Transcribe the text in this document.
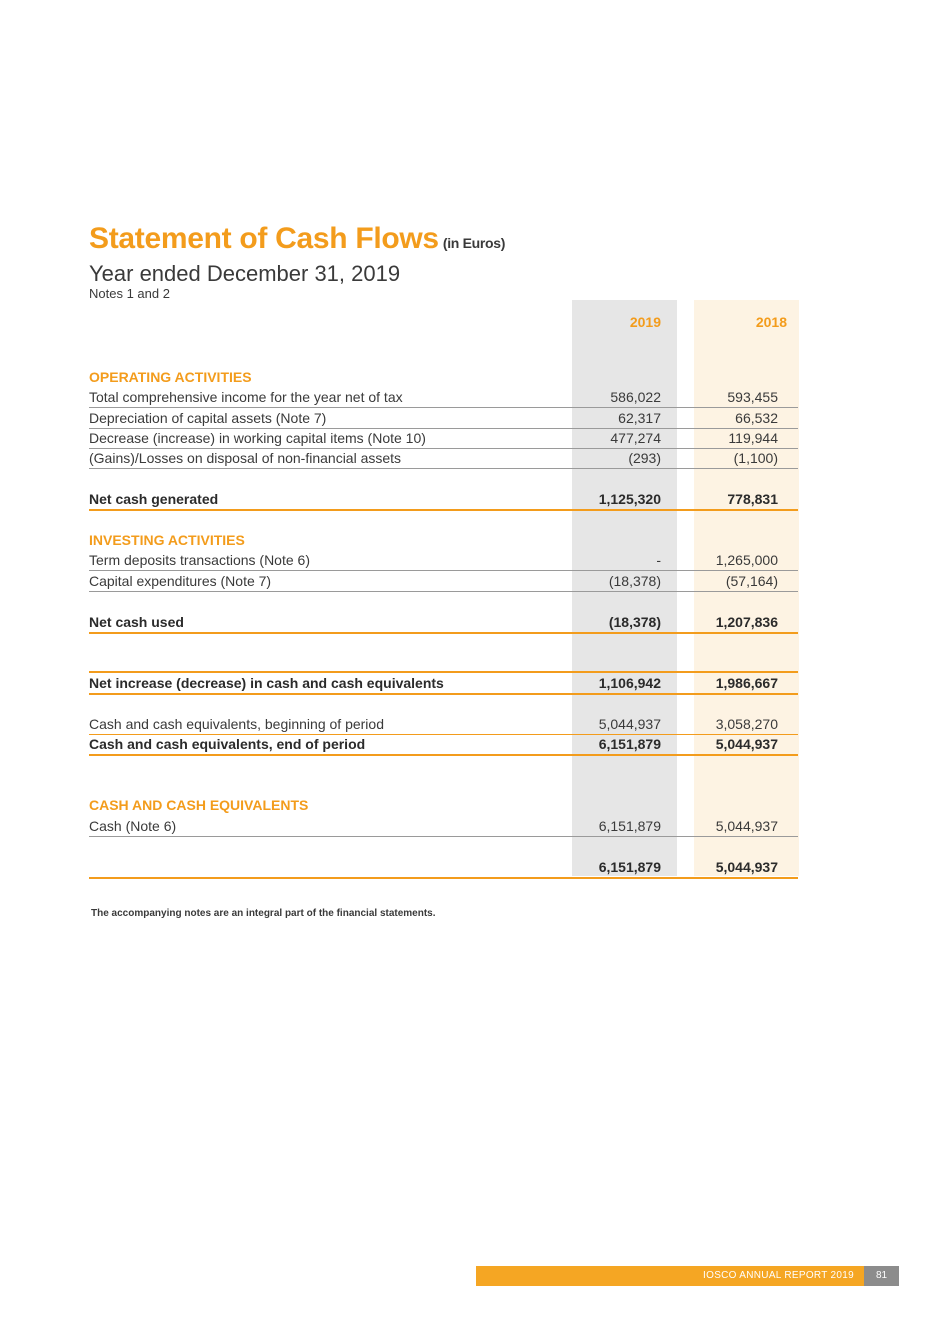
Statement of Cash Flows (in Euros)
Year ended December 31, 2019
Notes 1 and 2
2019	2018
OPERATING ACTIVITIES
Total comprehensive income for the year net of tax	586,022	593,455
Depreciation of capital assets (Note 7)	62,317	66,532
Decrease (increase) in working capital items (Note 10)	477,274	119,944
(Gains)/Losses on disposal of non-financial assets	(293)	(1,100)
Net cash generated	1,125,320	778,831
INVESTING ACTIVITIES
Term deposits transactions (Note 6)	-	1,265,000
Capital expenditures (Note 7)	(18,378)	(57,164)
Net cash used	(18,378)	1,207,836
Net increase (decrease) in cash and cash equivalents	1,106,942	1,986,667
Cash and cash equivalents, beginning of period	5,044,937	3,058,270
Cash and cash equivalents, end of period	6,151,879	5,044,937
CASH AND CASH EQUIVALENTS
Cash (Note 6)	6,151,879	5,044,937
6,151,879	5,044,937
The accompanying notes are an integral part of the financial statements.
IOSCO ANNUAL REPORT 2019	81
